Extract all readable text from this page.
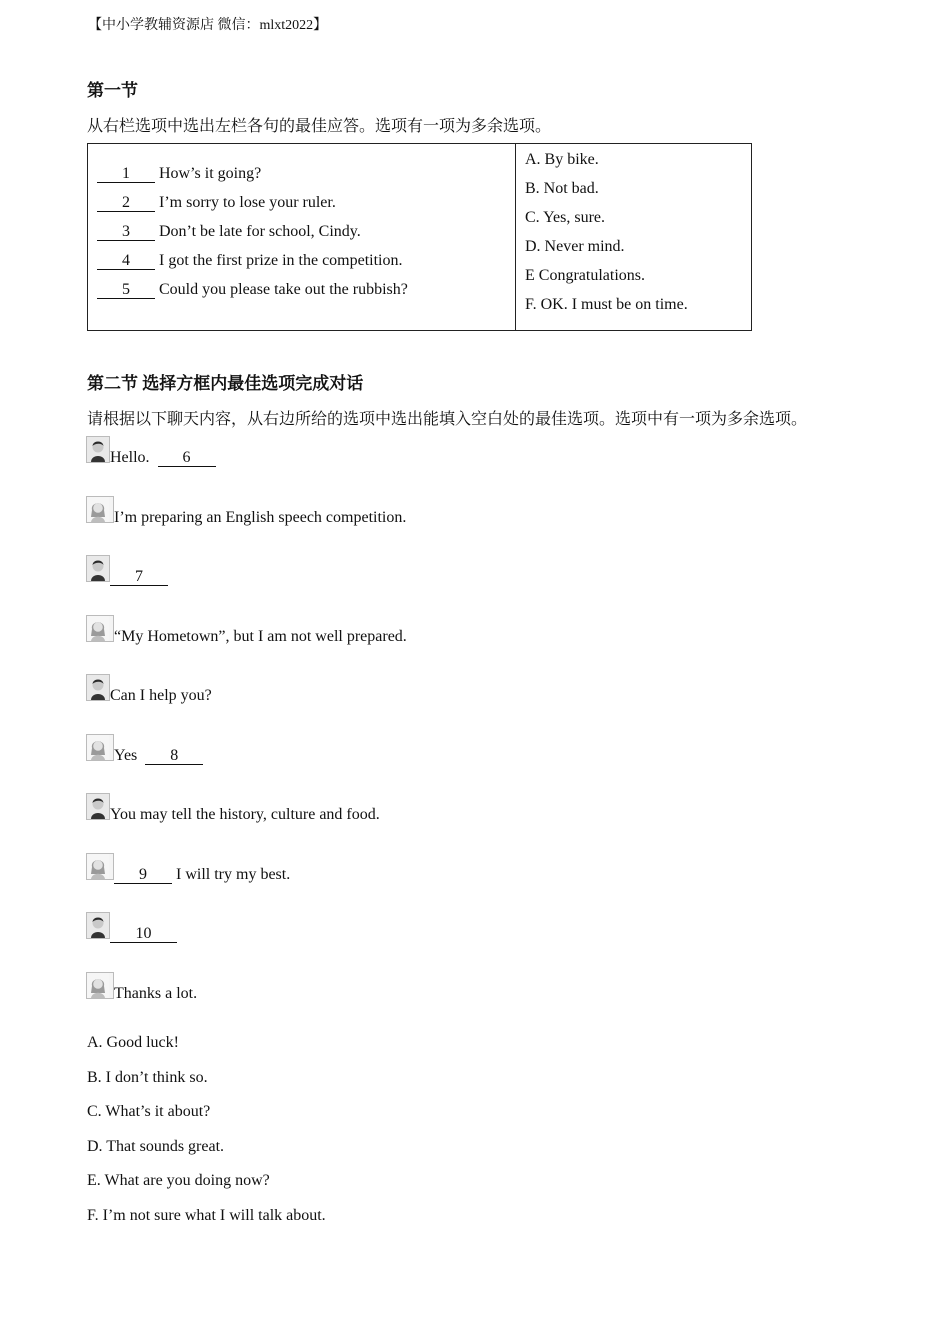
【中小学教辅资源店 微信：mlxt2022】
第一节
从右栏选项中选出左栏各句的最佳应答。选项有一项为多余选项。
1 How’s it going?
2 I’m sorry to lose your ruler.
3 Don’t be late for school, Cindy.
4 I got the first prize in the competition.
5 Could you please take out the rubbish?

A. By bike.
B. Not bad.
C. Yes, sure.
D. Never mind.
E Congratulations.
F. OK. I must be on time.
第二节 选择方框内最佳选项完成对话
请根据以下聊天内容，从右边所给的选项中选出能填入空白处的最佳选项。选项中有一项为多余选项。
Hello. 6
I’m preparing an English speech competition.
7
“My Hometown”, but I am not well prepared.
Can I help you?
Yes 8
You may tell the history, culture and food.
9 I will try my best.
10
Thanks a lot.
A. Good luck!
B. I don’t think so.
C. What’s it about?
D. That sounds great.
E. What are you doing now?
F. I’m not sure what I will talk about.
